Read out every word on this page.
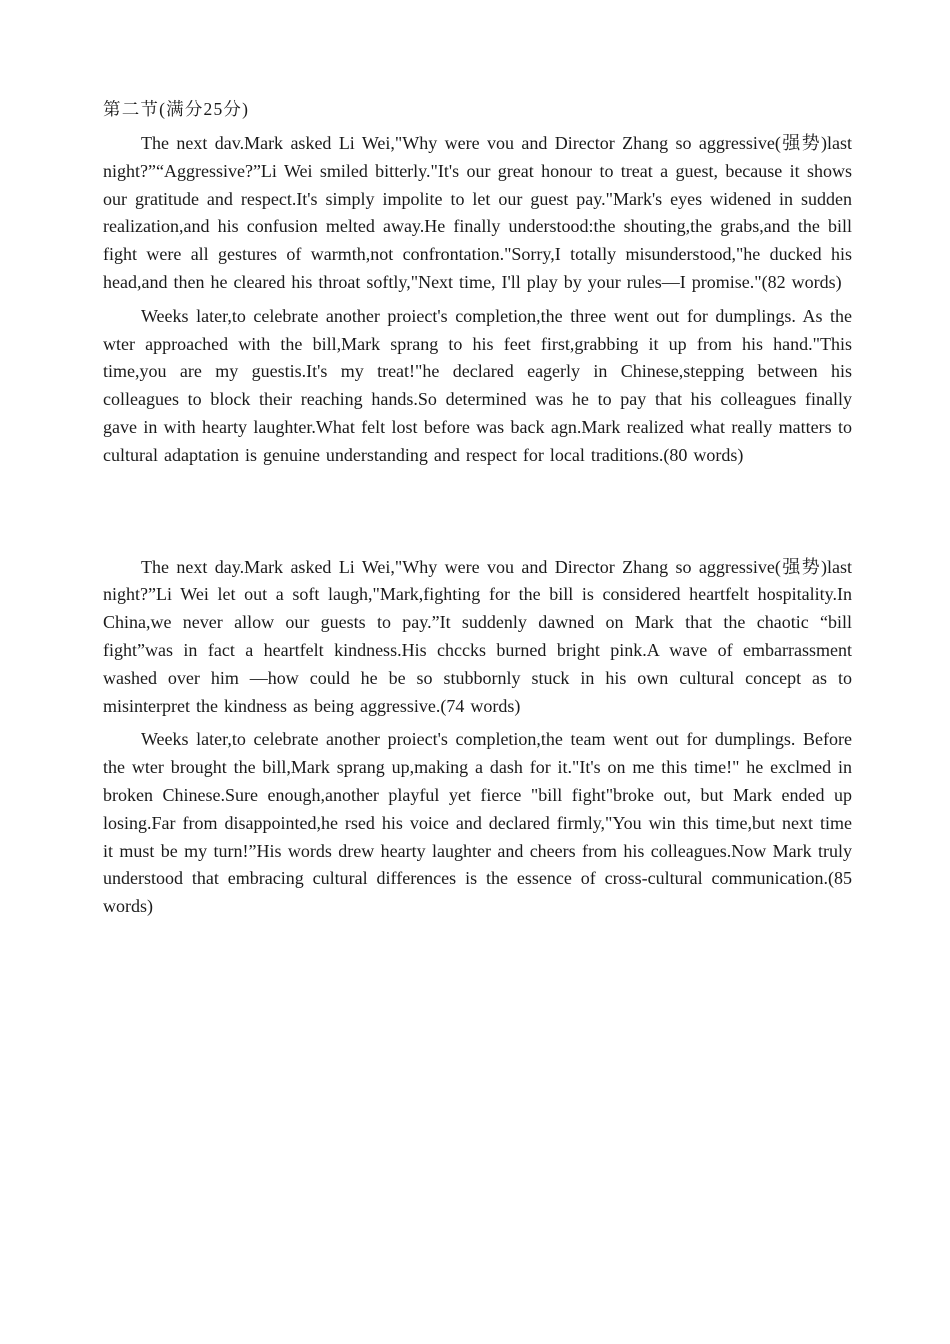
第二节(满分25分)

The next dav.Mark asked Li Wei,"Why were vou and Director Zhang so aggressive(强势)last night?”“Aggressive?”Li Wei smiled bitterly."It's our great honour to treat a guest, because it shows our gratitude and respect.It's simply impolite to let our guest pay."Mark's eyes widened in sudden realization,and his confusion melted away.He finally understood:the shouting,the grabs,and the bill fight were all gestures of warmth,not confrontation."Sorry,I totally misunderstood,"he ducked his head,and then he cleared his throat softly,"Next time, I'll play by your rules—I promise."(82 words)

Weeks later,to celebrate another proiect's completion,the three went out for dumplings. As the wter approached with the bill,Mark sprang to his feet first,grabbing it up from his hand."This time,you are my guestis.It's my treat!"he declared eagerly in Chinese,stepping between his colleagues to block their reaching hands.So determined was he to pay that his colleagues finally gave in with hearty laughter.What felt lost before was back agn.Mark realized what really matters to cultural adaptation is genuine understanding and respect for local traditions.(80 words)

The next day.Mark asked Li Wei,"Why were vou and Director Zhang so aggressive(强势)last night?”Li Wei let out a soft laugh,"Mark,fighting for the bill is considered heartfelt hospitality.In China,we never allow our guests to pay.”It suddenly dawned on Mark that the chaotic “bill fight”was in fact a heartfelt kindness.His chccks burned bright pink.A wave of embarrassment washed over him —how could he be so stubbornly stuck in his own cultural concept as to misinterpret the kindness as being aggressive.(74 words)

Weeks later,to celebrate another proiect's completion,the team went out for dumplings. Before the wter brought the bill,Mark sprang up,making a dash for it."It's on me this time!" he exclmed in broken Chinese.Sure enough,another playful yet fierce "bill fight"broke out, but Mark ended up losing.Far from disappointed,he rsed his voice and declared firmly,"You win this time,but next time it must be my turn!”His words drew hearty laughter and cheers from his colleagues.Now Mark truly understood that embracing cultural differences is the essence of cross-cultural communication.(85 words)
